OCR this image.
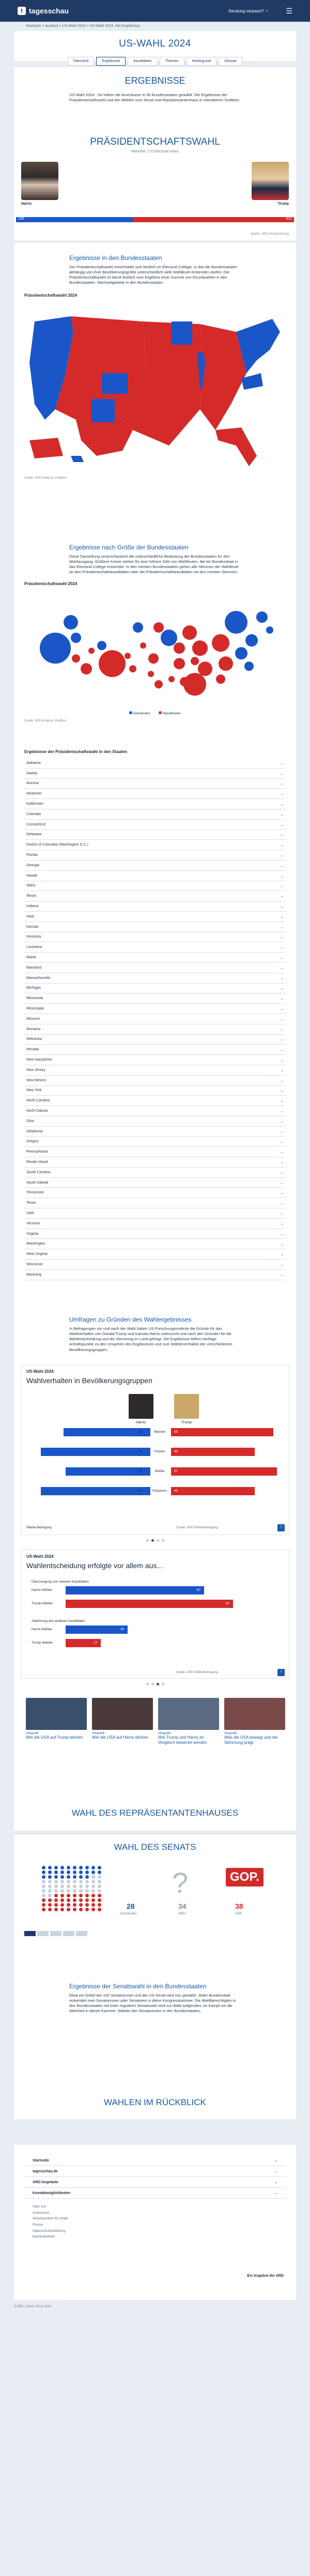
t tagesschau	Sendung verpasst? ⌕ ☰
Startseite > Ausland > US-Wahl 2024 > US-Wahl 2024: Alle Ergebnisse
US-WAHL 2024
Übersicht	Ergebnisse	Kandidaten	Themen	Hintergrund	Glossar
ERGEBNISSE
US-Wahl 2024 - So haben die Amerikaner in 50 Bundesstaaten gewählt. Die Ergebnisse der Präsidentschaftswahl und der Wahlen zum Senat und Repräsentantenhaus in interaktiven Grafiken.
PRÄSIDENTSCHAFTSWAHL
Mehrheit: 270 Electoral Votes
Harris	Trump
226	312
Quelle: ARD Hochrechnung
Ergebnisse in den Bundesstaaten
Der Präsidentschaftswahl entscheidet sich letztlich im Electoral College, in das die Bundesstaaten abhängig von ihrer Bevölkerungsgröße unterschiedlich viele Wahlleute entsenden dürfen. Die Präsidentschaftswahl ist damit letztlich eine Ergebnis einer Summe von Einzelwahlen in den Bundesstaaten. Wechselgebiete in den Bundesstaaten
Präsidentschaftswahl 2024
Quelle: ARD Analyse; Grafiken
Ergebnisse nach Größe der Bundesstaaten
Diese Darstellung veranschaulicht die unterschiedliche Bedeutung der Bundesstaaten für den Wahlausgang. Größere Kreise stehen für eine höhere Zahl von Wahlleuten, die ein Bundesstaat in das Electoral College entsendet. In den meisten Bundesstaaten gehen alle Stimmen der Wahlleute an den Präsidentschaftskandidaten oder die Präsidentschaftskandidatin mit den meisten Stimmen.
Präsidentschaftswahl 2024
Demokraten	Republikaner
Quelle: ARD Analyse; Grafiken
Ergebnisse der Präsidentschaftswahl in den Staaten
Alabama	⌄
Alaska	⌄
Arizona	⌄
Arkansas	⌄
Kalifornien	⌄
Colorado	⌄
Connecticut	⌄
Delaware	⌄
District of Columbia (Washington D.C.)	⌄
Florida	⌄
Georgia	⌄
Hawaii	⌄
Idaho	⌄
Illinois	⌄
Indiana	⌄
Iowa	⌄
Kansas	⌄
Kentucky	⌄
Louisiana	⌄
Maine	⌄
Maryland	⌄
Massachusetts	⌄
Michigan	⌄
Minnesota	⌄
Mississippi	⌄
Missouri	⌄
Montana	⌄
Nebraska	⌄
Nevada	⌄
New Hampshire	⌄
New Jersey	⌄
New Mexico	⌄
New York	⌄
North Carolina	⌄
North Dakota	⌄
Ohio	⌄
Oklahoma	⌄
Oregon	⌄
Pennsylvania	⌄
Rhode Island	⌄
South Carolina	⌄
South Dakota	⌄
Tennessee	⌄
Texas	⌄
Utah	⌄
Vermont	⌄
Virginia	⌄
Washington	⌄
West Virginia	⌄
Wisconsin	⌄
Wyoming	⌄
Umfragen zu Gründen des Wahlergebnisses
In Befragungen vor und nach der Wahl haben US-Forschungsinstitute die Gründe für das Wahlverhalten von Donald Trump und Kamala Harris untersucht und nach den Gründen für die Wahlentscheidung und die Stimmung im Land gefragt. Die Ergebnisse liefern wichtige Anhaltspunkte zu den Ursachen des Ergebnisses und zum Wählerverhalten der verschiedenen Bevölkerungsgruppen.
US-Wahl 2024
Wahlverhalten in Bevölkerungsgruppen
Harris	Trump
Männer
42	55
Frauen
53	45
Weiße
41	57
Hispanics
53	45
Wähler-Befragung	Quelle: ARD Wählerbefragung	i
US-Wahl 2024
Wahlentscheidung erfolgte vor allem aus...
Überzeugung von meinem Kandidaten
Ablehnung des anderen Kandidaten
Harris-Wähler	67
Trump-Wähler	81
Harris-Wähler	30
Trump-Wähler	17
Quelle: ARD Wählerbefragung	i
Infografik
Wie die USA auf Trump blicken
Infografik
Wie die USA auf Harris blicken
Infografik
Wie Trump und Harris im Vergleich bewertet werden
Infografik
Was die USA bewegt und die Stimmung prägt
WAHL DES REPRÄSENTANTENHAUSES
WAHL DES SENATS
?	GOP.
28
Demokraten
34
Offen
38
GOP
Ergebnisse der Senatswahl in den Bundesstaaten
Etwa ein Drittel der 100 Senatorinnen und der US-Senat wird neu gewählt. Jeder Bundesstaat entsendet zwei Senatorinnen oder Senatoren in diese Kongresskammer. Die Wahlberechtigten in den Bundesstaaten mit einer regulären Senatswahl sind zur Wahl aufgerufen, im Kampf um die Mehrheit in dieser Kammer. Wahlen der Senatorinnen in den Bundesstaaten.
WAHLEN IM RÜCKBLICK
Startseite	⌄
tagesschau.de	⌄
ARD-Angebote	⌄
Kontaktmöglichkeiten	⌄
Über uns
Impressum
Verantwortlich für Inhalt
Presse
Datenschutzerklärung
Barrierefreiheit
Ein Angebot der ARD
© ARD | Stand: 09.11.2024
